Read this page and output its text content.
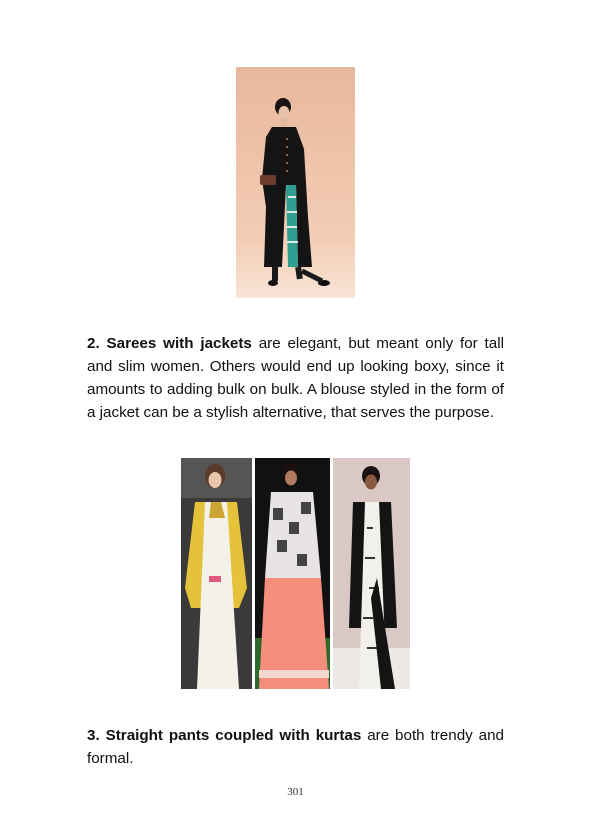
2. Sarees with jackets are elegant, but meant only for tall and slim women. Others would end up looking boxy, since it amounts to adding bulk on bulk. A blouse styled in the form of a jacket can be a stylish alternative, that serves the purpose.

3. Straight pants coupled with kurtas are both trendy and formal.

301
